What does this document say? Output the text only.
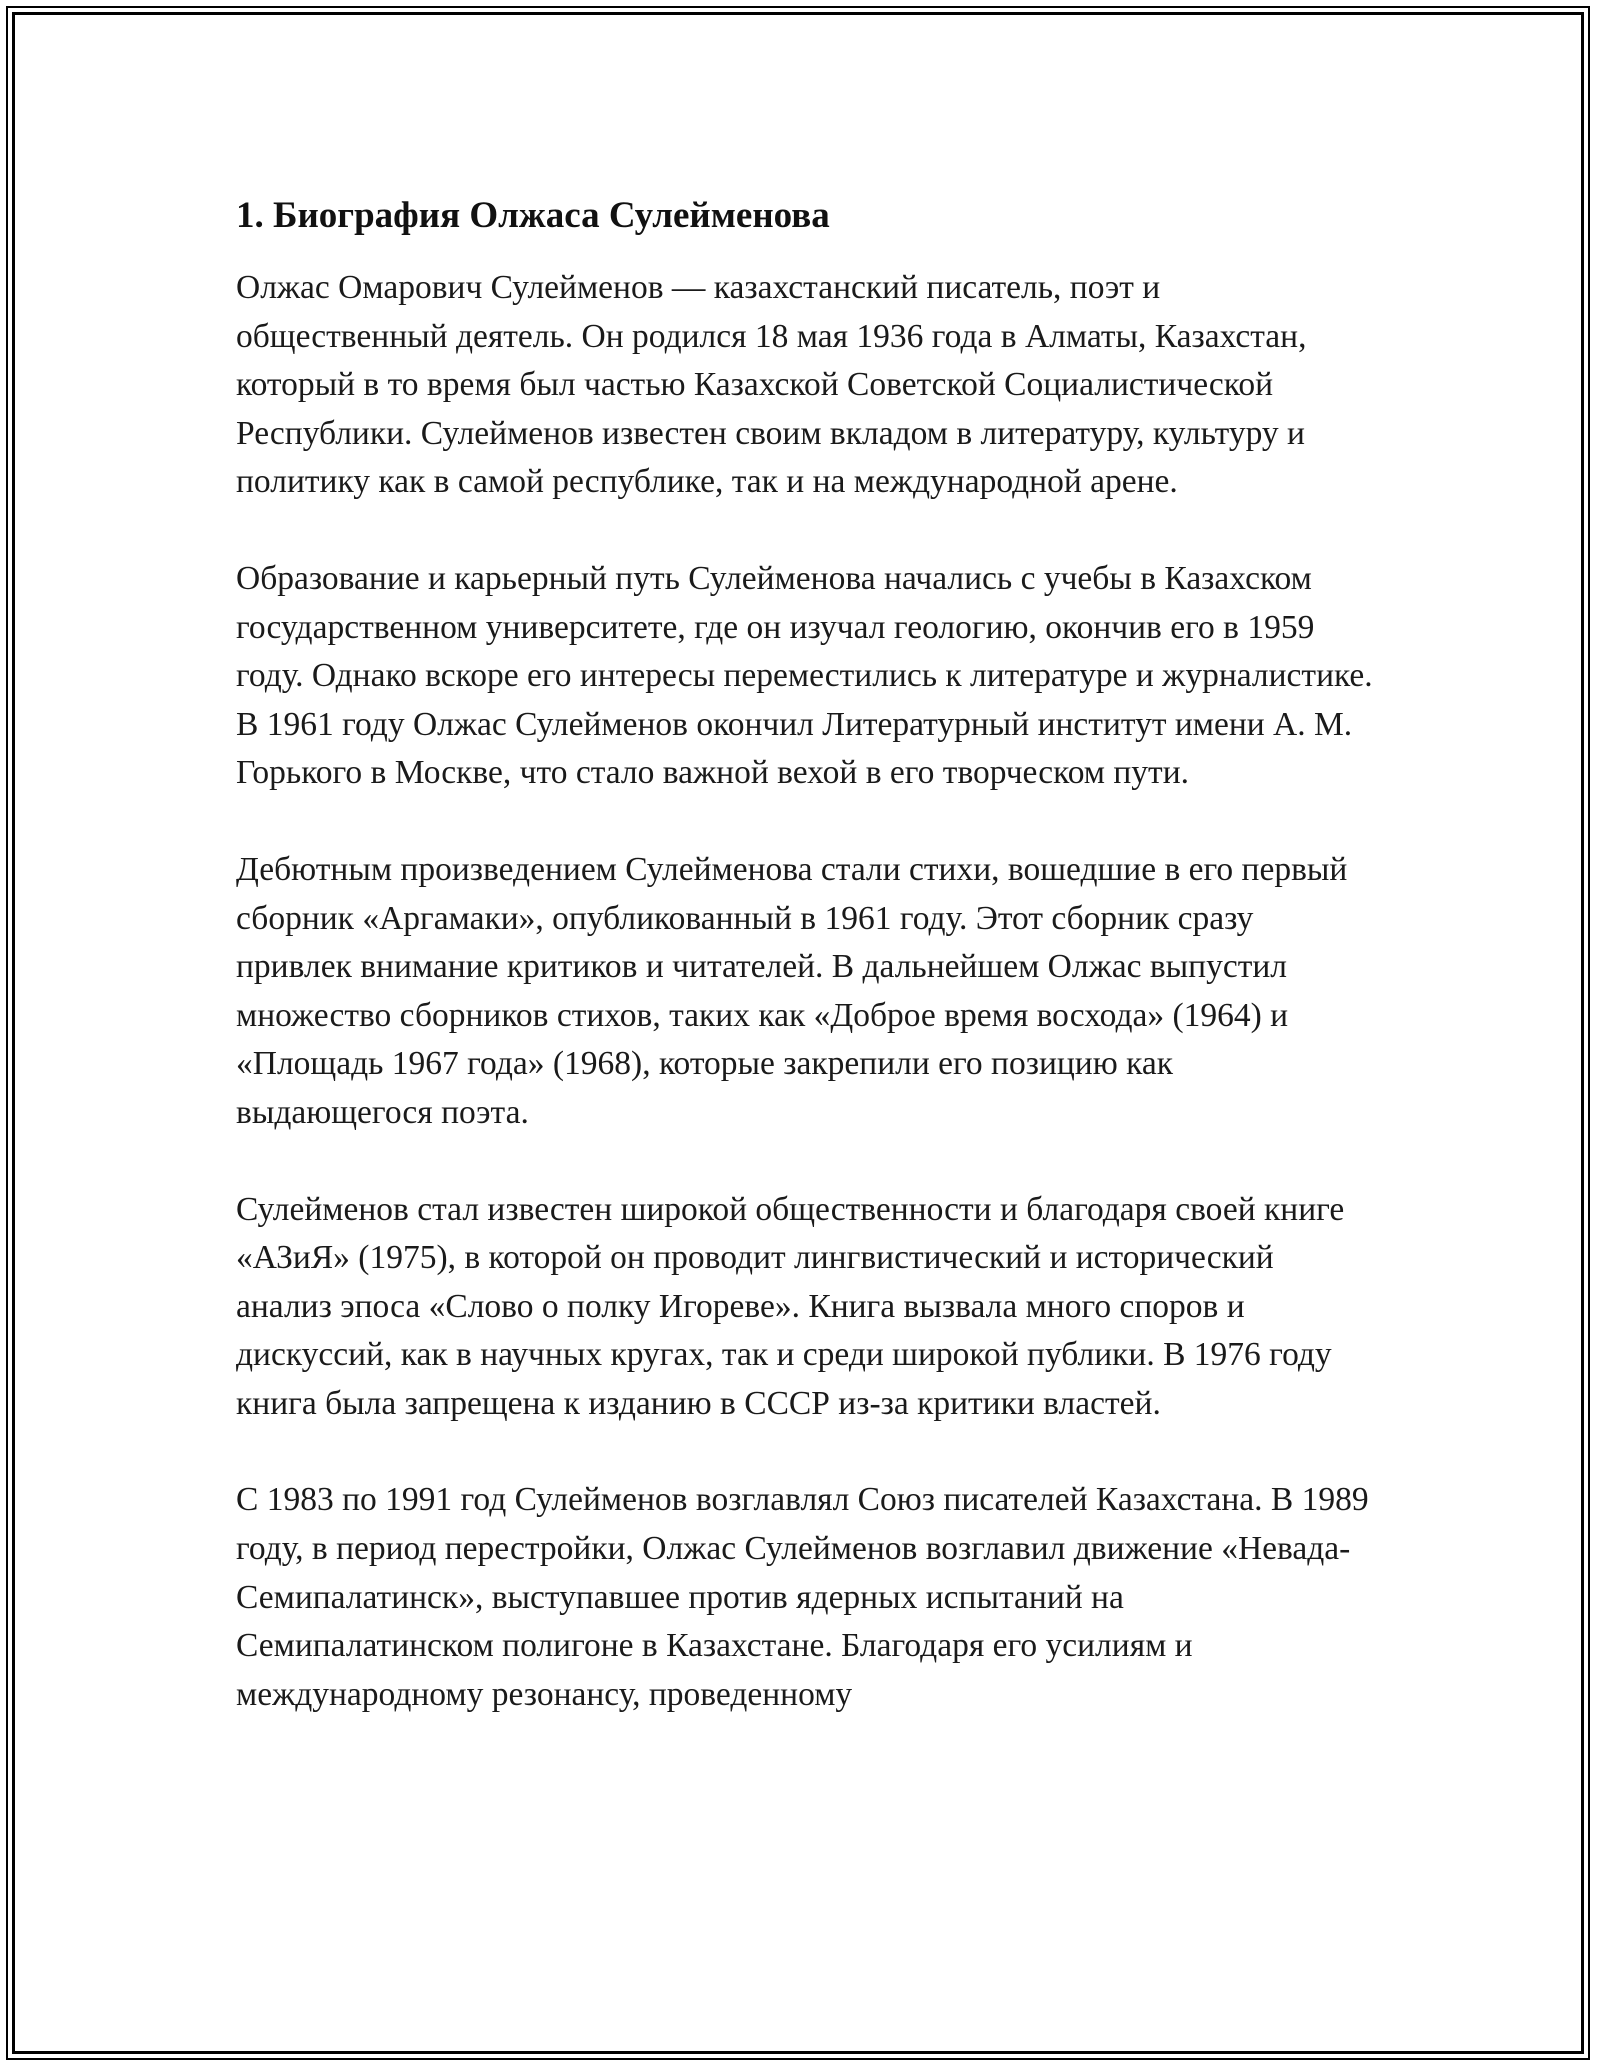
1. Биография Олжаса Сулейменова

Олжас Омарович Сулейменов — казахстанский писатель, поэт и общественный деятель. Он родился 18 мая 1936 года в Алматы, Казахстан, который в то время был частью Казахской Советской Социалистической Республики. Сулейменов известен своим вкладом в литературу, культуру и политику как в самой республике, так и на международной арене.

Образование и карьерный путь Сулейменова начались с учебы в Казахском государственном университете, где он изучал геологию, окончив его в 1959 году. Однако вскоре его интересы переместились к литературе и журналистике. В 1961 году Олжас Сулейменов окончил Литературный институт имени А. М. Горького в Москве, что стало важной вехой в его творческом пути.

Дебютным произведением Сулейменова стали стихи, вошедшие в его первый сборник «Аргамаки», опубликованный в 1961 году. Этот сборник сразу привлек внимание критиков и читателей. В дальнейшем Олжас выпустил множество сборников стихов, таких как «Доброе время восхода» (1964) и «Площадь 1967 года» (1968), которые закрепили его позицию как выдающегося поэта.

Сулейменов стал известен широкой общественности и благодаря своей книге «АЗиЯ» (1975), в которой он проводит лингвистический и исторический анализ эпоса «Слово о полку Игореве». Книга вызвала много споров и дискуссий, как в научных кругах, так и среди широкой публики. В 1976 году книга была запрещена к изданию в СССР из-за критики властей.

С 1983 по 1991 год Сулейменов возглавлял Союз писателей Казахстана. В 1989 году, в период перестройки, Олжас Сулейменов возглавил движение «Невада-Семипалатинск», выступавшее против ядерных испытаний на Семипалатинском полигоне в Казахстане. Благодаря его усилиям и международному резонансу, проведенному
